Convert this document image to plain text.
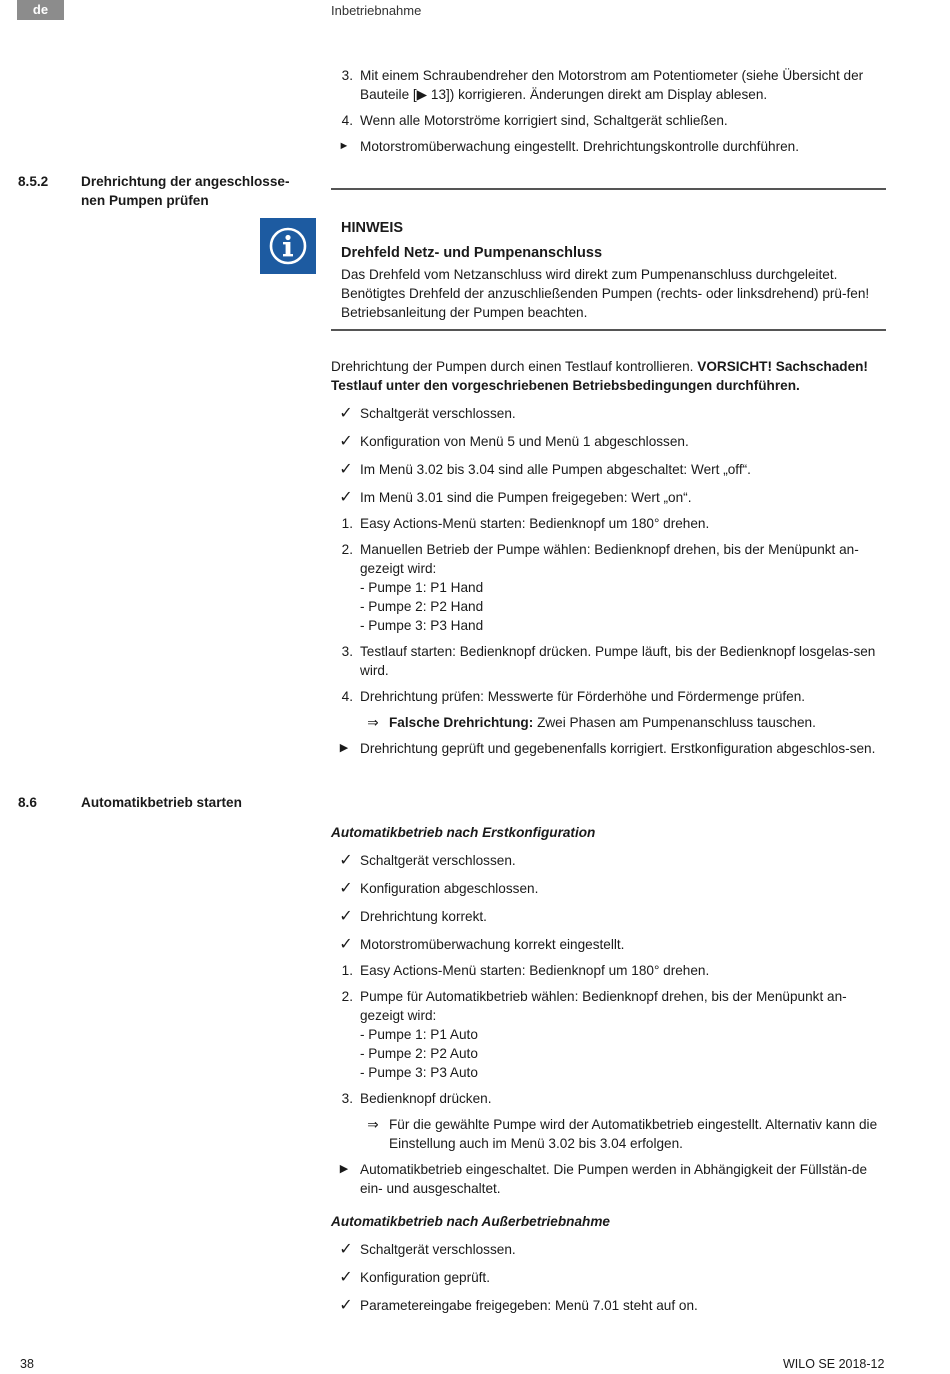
de	Inbetriebnahme
3. Mit einem Schraubendreher den Motorstrom am Potentiometer (siehe Übersicht der Bauteile [▶ 13]) korrigieren. Änderungen direkt am Display ablesen.
4. Wenn alle Motorströme korrigiert sind, Schaltgerät schließen.
► Motorstromüberwachung eingestellt. Drehrichtungskontrolle durchführen.
8.5.2 Drehrichtung der angeschlosse-nen Pumpen prüfen
HINWEIS
Drehfeld Netz- und Pumpenanschluss
Das Drehfeld vom Netzanschluss wird direkt zum Pumpenanschluss durchgeleitet. Benötigtes Drehfeld der anzuschließenden Pumpen (rechts- oder linksdrehend) prü-fen! Betriebsanleitung der Pumpen beachten.
Drehrichtung der Pumpen durch einen Testlauf kontrollieren. VORSICHT! Sachschaden! Testlauf unter den vorgeschriebenen Betriebsbedingungen durchführen.
✓ Schaltgerät verschlossen.
✓ Konfiguration von Menü 5 und Menü 1 abgeschlossen.
✓ Im Menü 3.02 bis 3.04 sind alle Pumpen abgeschaltet: Wert „off“.
✓ Im Menü 3.01 sind die Pumpen freigegeben: Wert „on“.
1. Easy Actions-Menü starten: Bedienknopf um 180° drehen.
2. Manuellen Betrieb der Pumpe wählen: Bedienknopf drehen, bis der Menüpunkt an-gezeigt wird:
- Pumpe 1: P1 Hand
- Pumpe 2: P2 Hand
- Pumpe 3: P3 Hand
3. Testlauf starten: Bedienknopf drücken. Pumpe läuft, bis der Bedienknopf losgelas-sen wird.
4. Drehrichtung prüfen: Messwerte für Förderhöhe und Fördermenge prüfen.
⇒ Falsche Drehrichtung: Zwei Phasen am Pumpenanschluss tauschen.
▶ Drehrichtung geprüft und gegebenenfalls korrigiert. Erstkonfiguration abgeschlos-sen.
8.6	Automatikbetrieb starten
Automatikbetrieb nach Erstkonfiguration
✓ Schaltgerät verschlossen.
✓ Konfiguration abgeschlossen.
✓ Drehrichtung korrekt.
✓ Motorstromüberwachung korrekt eingestellt.
1. Easy Actions-Menü starten: Bedienknopf um 180° drehen.
2. Pumpe für Automatikbetrieb wählen: Bedienknopf drehen, bis der Menüpunkt an-gezeigt wird:
- Pumpe 1: P1 Auto
- Pumpe 2: P2 Auto
- Pumpe 3: P3 Auto
3. Bedienknopf drücken.
⇒ Für die gewählte Pumpe wird der Automatikbetrieb eingestellt. Alternativ kann die Einstellung auch im Menü 3.02 bis 3.04 erfolgen.
▶ Automatikbetrieb eingeschaltet. Die Pumpen werden in Abhängigkeit der Füllstän-de ein- und ausgeschaltet.
Automatikbetrieb nach Außerbetriebnahme
✓ Schaltgerät verschlossen.
✓ Konfiguration geprüft.
✓ Parametereingabe freigegeben: Menü 7.01 steht auf on.
38	WILO SE 2018-12
